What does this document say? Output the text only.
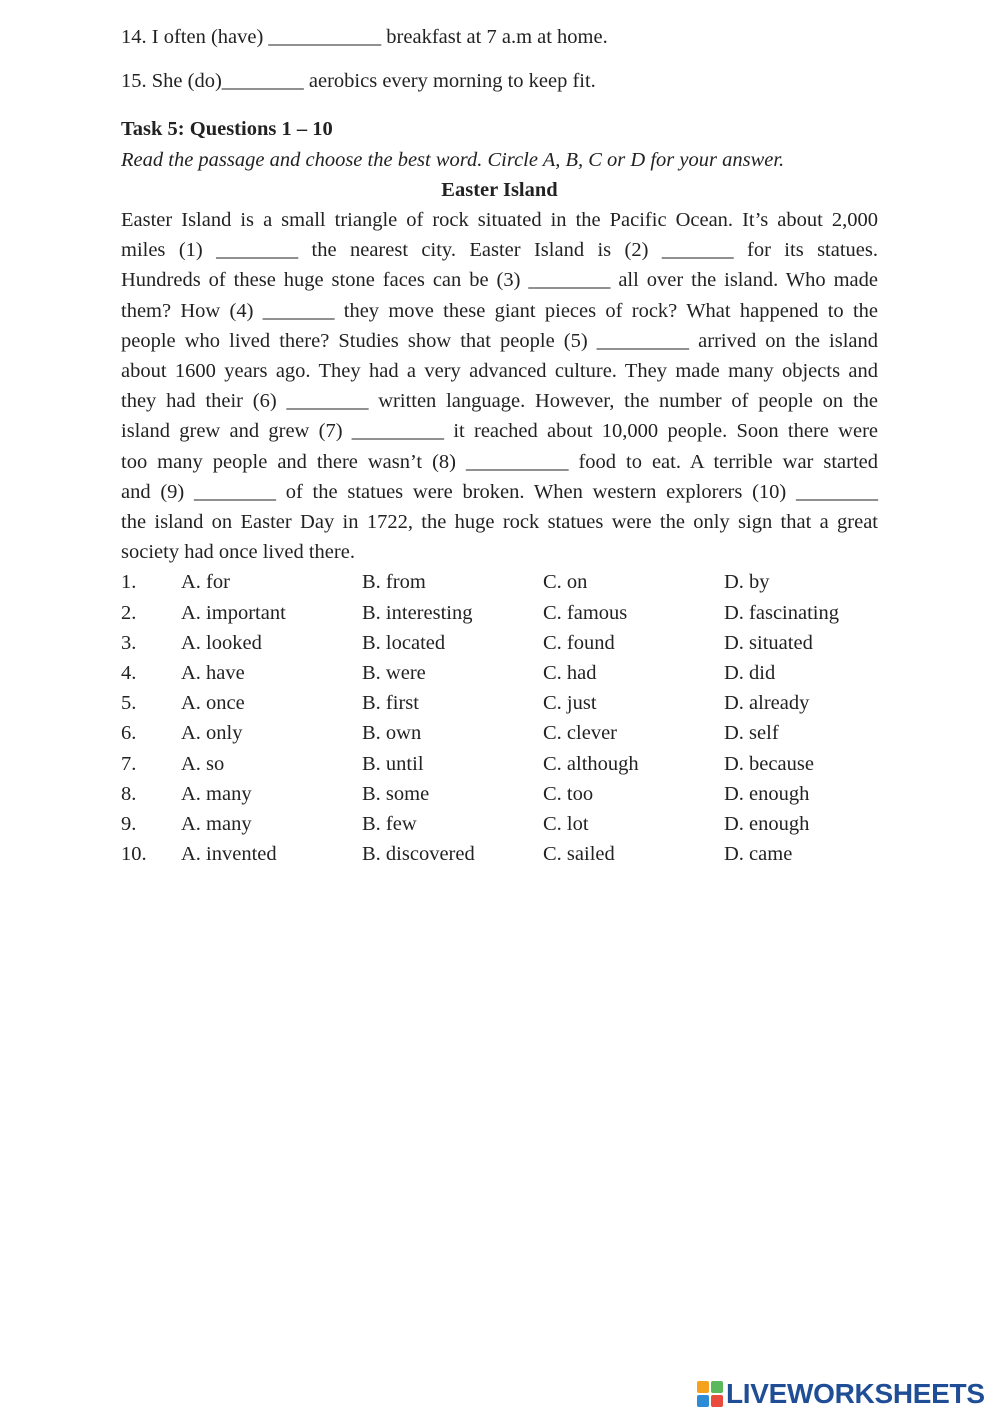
14. I often (have) ___________ breakfast at 7 a.m at home.
15. She (do)________ aerobics every morning to keep fit.
Task 5: Questions 1 – 10
Read the passage and choose the best word. Circle A, B, C or D for your answer.
Easter Island

Easter Island is a small triangle of rock situated in the Pacific Ocean. It’s about 2,000

miles (1) ________ the nearest city. Easter Island is (2) _______ for its statues.

Hundreds of these huge stone faces can be (3) ________ all over the island. Who made

them? How (4) _______ they move these giant pieces of rock? What happened to the

people who lived there? Studies show that people (5) _________ arrived on the island

about 1600 years ago. They had a very advanced culture. They made many objects and

they had their (6) ________ written language. However, the number of people on the

island grew and grew (7) _________ it reached about 10,000 people. Soon there were

too many people and there wasn’t (8) __________ food to eat. A terrible war started

and (9) ________ of the statues were broken. When western explorers (10) ________

the island on Easter Day in 1722, the huge rock statues were the only sign that a great

society had once lived there.

1.	A. for	B. from	C. on	D. by
2.	A. important	B. interesting	C. famous	D. fascinating
3.	A. looked	B. located	C. found	D. situated
4.	A. have	B. were	C. had	D. did
5.	A. once	B. first	C. just	D. already
6.	A. only	B. own	C. clever	D. self
7.	A. so	B. until	C. although	D. because
8.	A. many	B. some	C. too	D. enough
9.	A. many	B. few	C. lot	D. enough
10.	A. invented	B. discovered	C. sailed	D. came
LIVEWORKSHEETS
